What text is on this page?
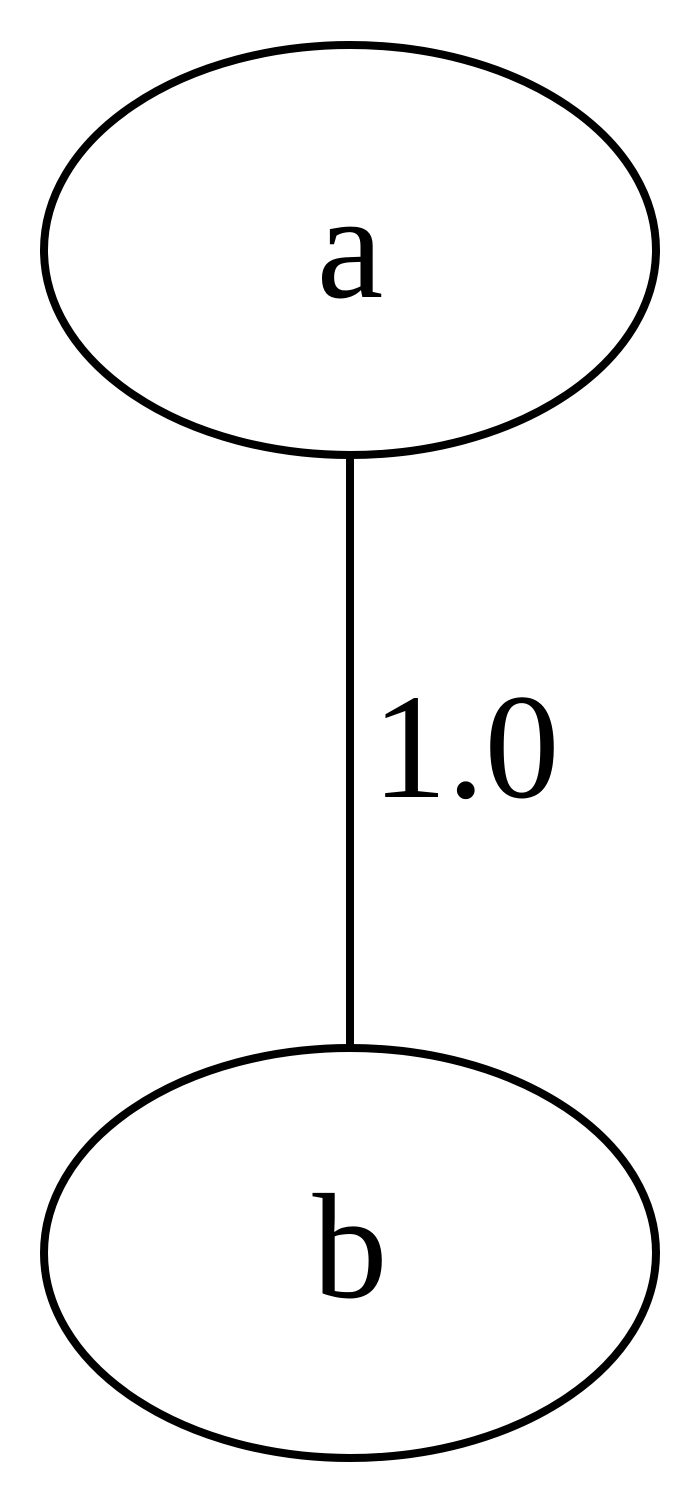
1.0
a
b
